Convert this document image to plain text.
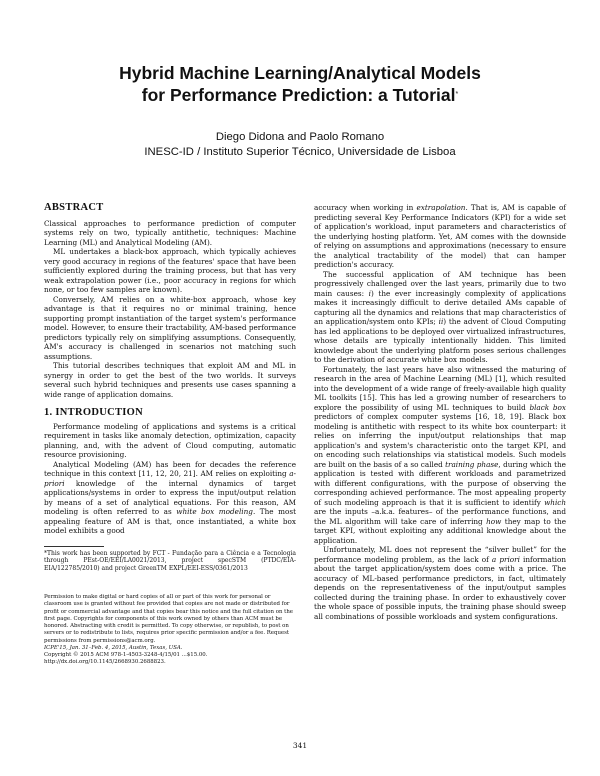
Hybrid Machine Learning/Analytical Models
for Performance Prediction: a Tutorial*
Diego Didona and Paolo Romano
INESC-ID / Instituto Superior Técnico, Universidade de Lisboa
ABSTRACT

Classical approaches to performance prediction of computer systems rely on two, typically antithetic, techniques: Machine Learning (ML) and Analytical Modeling (AM).

ML undertakes a black-box approach, which typically achieves very good accuracy in regions of the features' space that have been sufficiently explored during the training process, but that has very weak extrapolation power (i.e., poor accuracy in regions for which none, or too few samples are known).

Conversely, AM relies on a white-box approach, whose key advantage is that it requires no or minimal training, hence supporting prompt instantiation of the target system's performance model. However, to ensure their tractability, AM-based performance predictors typically rely on simplifying assumptions. Consequently, AM's accuracy is challenged in scenarios not matching such assumptions.

This tutorial describes techniques that exploit AM and ML in synergy in order to get the best of the two worlds. It surveys several such hybrid techniques and presents use cases spanning a wide range of application domains.

1. INTRODUCTION

Performance modeling of applications and systems is a critical requirement in tasks like anomaly detection, optimization, capacity planning, and, with the advent of Cloud computing, automatic resource provisioning.

Analytical Modeling (AM) has been for decades the reference technique in this context [11, 12, 20, 21]. AM relies on exploiting a-priori knowledge of the internal dynamics of target applications/systems in order to express the input/output relation by means of a set of analytical equations. For this reason, AM modeling is often referred to as white box modeling. The most appealing feature of AM is that, once instantiated, a white box model exhibits a good

*This work has been supported by FCT - Fundação para a Ciência e a Tecnologia through PEst-OE/EEI/LA0021/2013, project specSTM (PTDC/EIA-EIA/122785/2010) and project GreenTM EXPL/EEI-ESS/0361/2013

Permission to make digital or hard copies of all or part of this work for personal or classroom use is granted without fee provided that copies are not made or distributed for profit or commercial advantage and that copies bear this notice and the full citation on the first page. Copyrights for components of this work owned by others than ACM must be honored. Abstracting with credit is permitted. To copy otherwise, or republish, to post on servers or to redistribute to lists, requires prior specific permission and/or a fee. Request permissions from permissions@acm.org.

ICPE'15, Jan. 31–Feb. 4, 2015, Austin, Texas, USA.

Copyright © 2015 ACM 978-1-4503-3248-4/15/01 ...$15.00.

http://dx.doi.org/10.1145/2668930.2688823.

accuracy when working in extrapolation. That is, AM is capable of predicting several Key Performance Indicators (KPI) for a wide set of application's workload, input parameters and characteristics of the underlying hosting platform. Yet, AM comes with the downside of relying on assumptions and approximations (necessary to ensure the analytical tractability of the model) that can hamper prediction's accuracy.

The successful application of AM technique has been progressively challenged over the last years, primarily due to two main causes: i) the ever increasingly complexity of applications makes it increasingly difficult to derive detailed AMs capable of capturing all the dynamics and relations that map characteristics of an application/system onto KPIs; ii) the advent of Cloud Computing has led applications to be deployed over virtualized infrastructures, whose details are typically intentionally hidden. This limited knowledge about the underlying platform poses serious challenges to the derivation of accurate white box models.

Fortunately, the last years have also witnessed the maturing of research in the area of Machine Learning (ML) [1], which resulted into the development of a wide range of freely-available high quality ML toolkits [15]. This has led a growing number of researchers to explore the possibility of using ML techniques to build black box predictors of complex computer systems [16, 18, 19]. Black box modeling is antithetic with respect to its white box counterpart: it relies on inferring the input/output relationships that map application's and system's characteristic onto the target KPI, and on encoding such relationships via statistical models. Such models are built on the basis of a so called training phase, during which the application is tested with different workloads and parametrized with different configurations, with the purpose of observing the corresponding achieved performance. The most appealing property of such modeling approach is that it is sufficient to identify which are the inputs –a.k.a. features– of the performance functions, and the ML algorithm will take care of inferring how they map to the target KPI, without exploiting any additional knowledge about the application.

Unfortunately, ML does not represent the “silver bullet” for the performance modeling problem, as the lack of a priori information about the target application/system does come with a price. The accuracy of ML-based performance predictors, in fact, ultimately depends on the representativeness of the input/output samples collected during the training phase. In order to exhaustively cover the whole space of possible inputs, the training phase should sweep all combinations of possible workloads and system configurations.

341
